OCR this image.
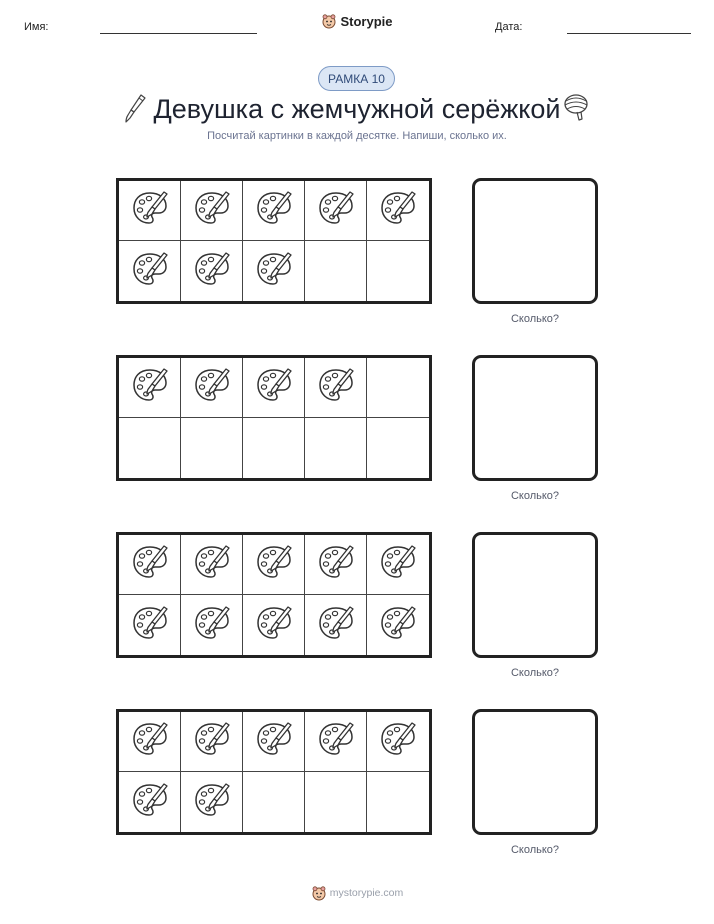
Имя:	Storypie	Дата:
РАМКА 10
Девушка с жемчужной серёжкой
Посчитай картинки в каждой десятке. Напиши, сколько их.
Сколько?
Сколько?
Сколько?
Сколько?
mystorypie.com
